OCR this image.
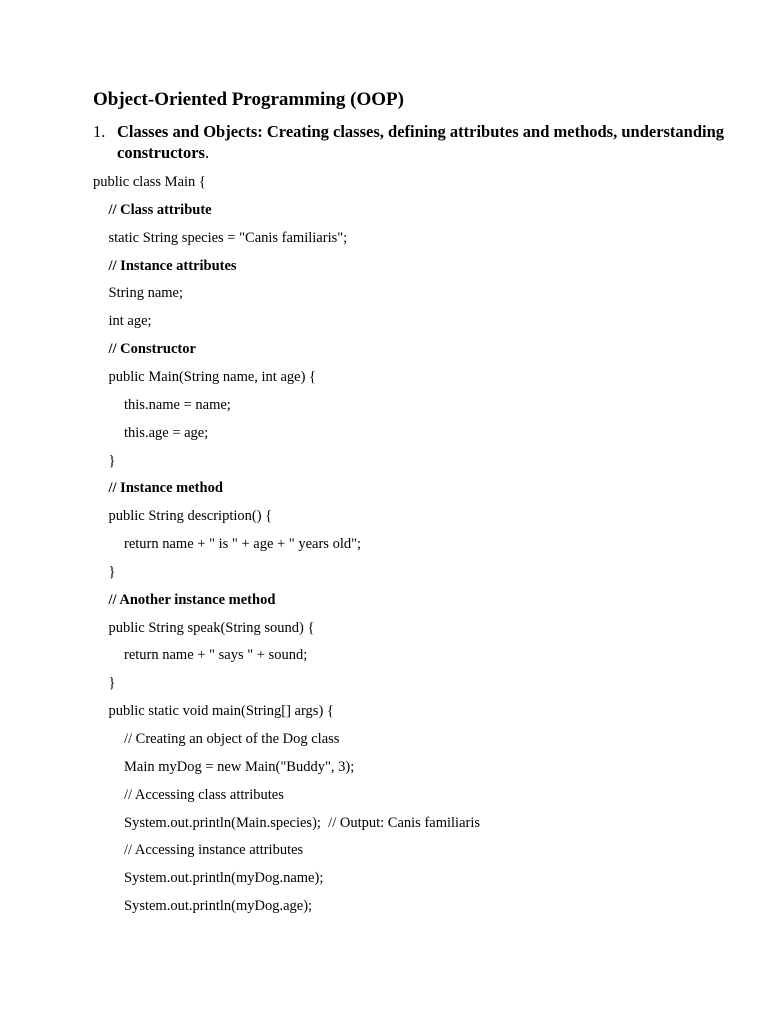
Object-Oriented Programming (OOP)
1. Classes and Objects: Creating classes, defining attributes and methods, understanding constructors.
public class Main {
// Class attribute
static String species = "Canis familiaris";
// Instance attributes
String name;
int age;
// Constructor
public Main(String name, int age) {
this.name = name;
this.age = age;
}
// Instance method
public String description() {
return name + " is " + age + " years old";
}
// Another instance method
public String speak(String sound) {
return name + " says " + sound;
}
public static void main(String[] args) {
// Creating an object of the Dog class
Main myDog = new Main("Buddy", 3);
// Accessing class attributes
System.out.println(Main.species);  // Output: Canis familiaris
// Accessing instance attributes
System.out.println(myDog.name);
System.out.println(myDog.age);
